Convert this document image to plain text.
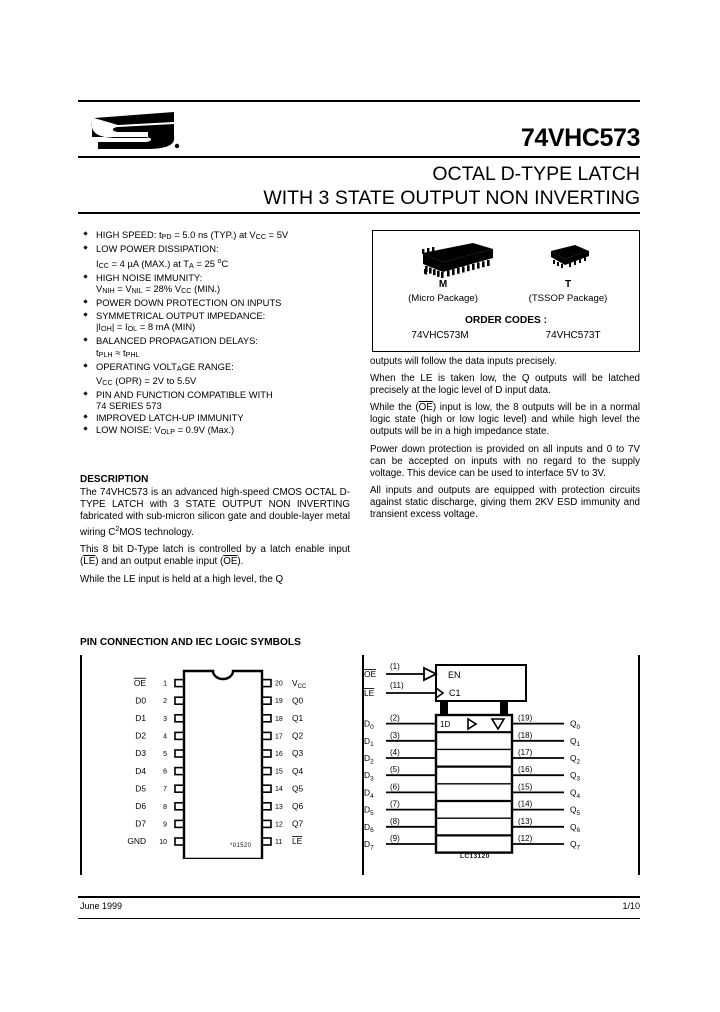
74VHC573
OCTAL D-TYPE LATCH
WITH 3 STATE OUTPUT NON INVERTING
HIGH SPEED: $t_{PD} = 5.0$ ns (TYP.) at $V_{CC} = 5V$
LOW POWER DISSIPATION:
$I_{CC} = 4$ µA (MAX.) at $T_A = 25$ $^o$C
HIGH NOISE IMMUNITY:
$V_{NIH} = V_{NIL} = 28\%$ $V_{CC}$ (MIN.)
POWER DOWN PROTECTION ON INPUTS
SYMMETRICAL OUTPUT IMPEDANCE:
$|I_{OH}| = I_{OL} = 8$ mA (MIN)
BALANCED PROPAGATION DELAYS:
$t_{PLH} \approx t_{PHL}$
OPERATING $VOLT_AGE$ RANGE:
$V_{CC}$ (OPR) = 2V to 5.5V
PIN AND FUNCTION COMPATIBLE WITH
74 SERIES 573
IMPROVED LATCH-UP IMMUNITY
LOW NOISE: $V_{OLP} = 0.9V$ (Max.)
M
(Micro Package)
T
(TSSOP Package)
ORDER CODES :
74VHC573M	74VHC573T
DESCRIPTION

The 74VHC573 is an advanced high-speed CMOS OCTAL D-TYPE LATCH with 3 STATE OUTPUT NON INVERTING fabricated with sub-micron silicon gate and double-layer metal wiring $C^2MOS$ technology.

This 8 bit D-Type latch is controlled by a latch enable input $(\overline{LE})$ and an output enable input $(\overline{OE})$.

While the LE input is held at a high level, the Q

outputs will follow the data inputs precisely.

When the LE is taken low, the Q outputs will be latched precisely at the logic level of D input data.

While the $(\overline{OE})$ input is low, the 8 outputs will be in a normal logic state (high or low logic level) and while high level the outputs will be in a high impedance state.

Power down protection is provided on all inputs and 0 to 7V can be accepted on inputs with no regard to the supply voltage. This device can be used to interface 5V to 3V.

All inputs and outputs are equipped with protection circuits against static discharge, giving them 2KV ESD immunity and transient excess voltage.

PIN CONNECTION AND IEC LOGIC SYMBOLS
1
OE
2
D0
3
D1
4
D2
5
D3
6
D4
7
D5
8
D6
9
D7
10
GND
20 $V_{CC}$
19 Q0
18 Q1
17 Q2
16 Q3
15 Q4
14 Q5
13 Q6
12 Q7
11 LE
*01520
EN
C1
OE
(1)
LE
(11)
1D
$D_0$
(2)	(19)
$Q_0$
$D_1$
(3)	(18)
$Q_1$
$D_2$
(4)	(17)
$Q_2$
$D_3$
(5)	(16)
$Q_3$
$D_4$
(6)	(15)
$Q_4$
$D_5$
(7)	(14)
$Q_5$
$D_6$
(8)	(13)
$Q_6$
$D_7$
(9)	(12)
$Q_7$
LC13120
June 1999	1/10
